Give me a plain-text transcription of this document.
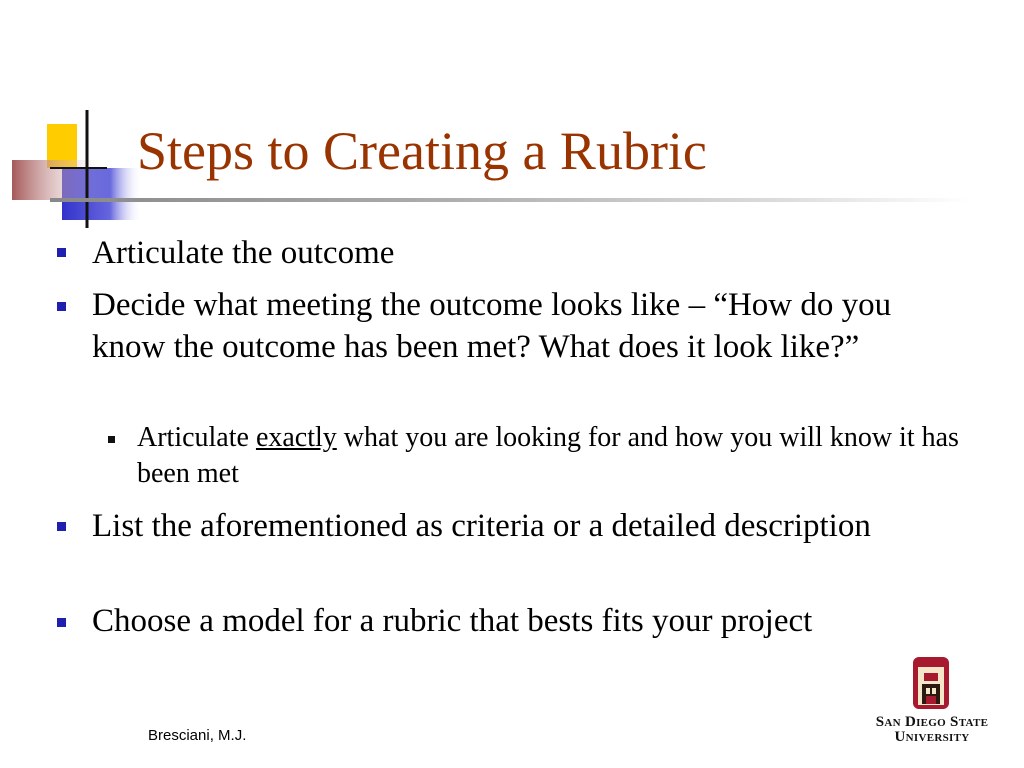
Steps to Creating a Rubric
Articulate the outcome
Decide what meeting the outcome looks like – “How do you know the outcome has been met? What does it look like?”
Articulate exactly what you are looking for and how you will know it has been met
List the aforementioned as criteria or a detailed description
Choose a model for a rubric that bests fits your project
Bresciani, M.J.
San Diego State
University
